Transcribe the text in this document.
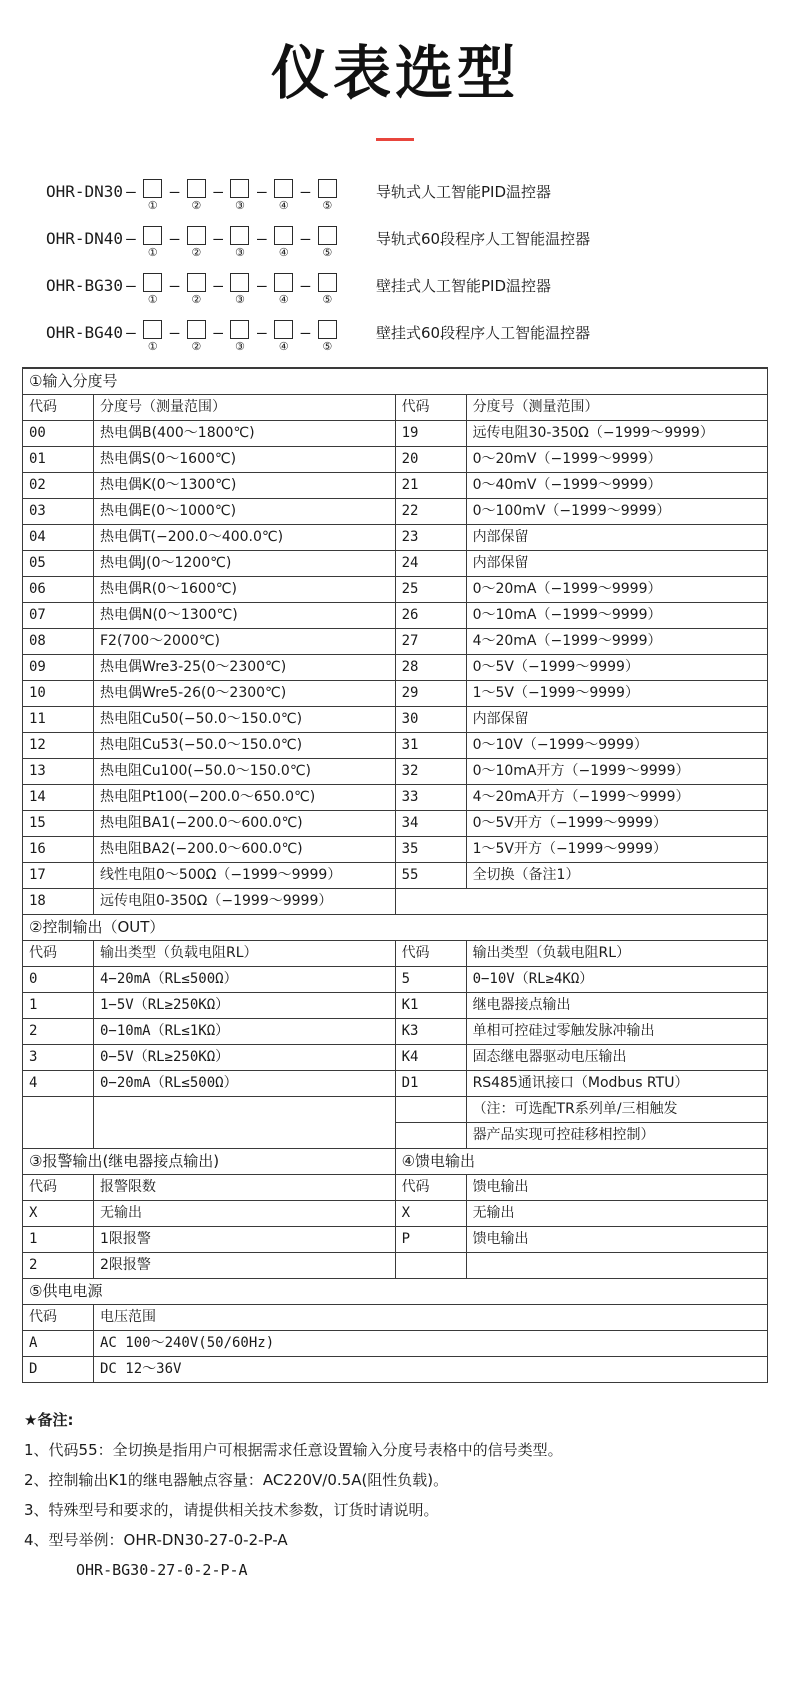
仪表选型
OHR-DN30 –
①
–
②
–
③
–
④
–
⑤
导轨式人工智能PID温控器
OHR-DN40 –
①
–
②
–
③
–
④
–
⑤
导轨式60段程序人工智能温控器
OHR-BG30 –
①
–
②
–
③
–
④
–
⑤
壁挂式人工智能PID温控器
OHR-BG40 –
①
–
②
–
③
–
④
–
⑤
壁挂式60段程序人工智能温控器
①输入分度号			
代码	分度号（测量范围）	代码	分度号（测量范围）
00	热电偶B(400～1800℃)	19	远传电阻30-350Ω（−1999～9999）
01	热电偶S(0～1600℃)	20	0～20mV（−1999～9999）
02	热电偶K(0～1300℃)	21	0～40mV（−1999～9999）
03	热电偶E(0～1000℃)	22	0～100mV（−1999～9999）
04	热电偶T(−200.0～400.0℃)	23	内部保留
05	热电偶J(0～1200℃)	24	内部保留
06	热电偶R(0～1600℃)	25	0～20mA（−1999～9999）
07	热电偶N(0～1300℃)	26	0～10mA（−1999～9999）
08	F2(700～2000℃)	27	4～20mA（−1999～9999）
09	热电偶Wre3-25(0～2300℃)	28	0～5V（−1999～9999）
10	热电偶Wre5-26(0～2300℃)	29	1～5V（−1999～9999）
11	热电阻Cu50(−50.0～150.0℃)	30	内部保留
12	热电阻Cu53(−50.0～150.0℃)	31	0～10V（−1999～9999）
13	热电阻Cu100(−50.0～150.0℃)	32	0～10mA开方（−1999～9999）
14	热电阻Pt100(−200.0～650.0℃)	33	4～20mA开方（−1999～9999）
15	热电阻BA1(−200.0～600.0℃)	34	0～5V开方（−1999～9999）
16	热电阻BA2(−200.0～600.0℃)	35	1～5V开方（−1999～9999）
17	线性电阻0～500Ω（−1999～9999）	55	全切换（备注1）
18	远传电阻0-350Ω（−1999～9999）		
②控制输出（OUT）			
代码	输出类型（负载电阻RL）	代码	输出类型（负载电阻RL）
0	4−20mA（RL≤500Ω）	5	0−10V（RL≥4KΩ）
1	1−5V（RL≥250KΩ）	K1	继电器接点输出
2	0−10mA（RL≤1KΩ）	K3	单相可控硅过零触发脉冲输出
3	0−5V（RL≥250KΩ）	K4	固态继电器驱动电压输出
4	0−20mA（RL≤500Ω）	D1	RS485通讯接口（Modbus RTU）
			（注：可选配TR系列单/三相触发
			器产品实现可控硅移相控制）
③报警输出(继电器接点输出)		④馈电输出	
代码	报警限数	代码	馈电输出
X	无输出	X	无输出
1	1限报警	P	馈电输出
2	2限报警		
⑤供电电源			
代码	电压范围		
A	AC 100～240V(50/60Hz)		
D	DC 12～36V		
★备注:
1、代码55：全切换是指用户可根据需求任意设置输入分度号表格中的信号类型。
2、控制输出K1的继电器触点容量：AC220V/0.5A(阻性负载)。
3、特殊型号和要求的，请提供相关技术参数，订货时请说明。
4、型号举例：OHR-DN30-27-0-2-P-A
OHR-BG30-27-0-2-P-A
